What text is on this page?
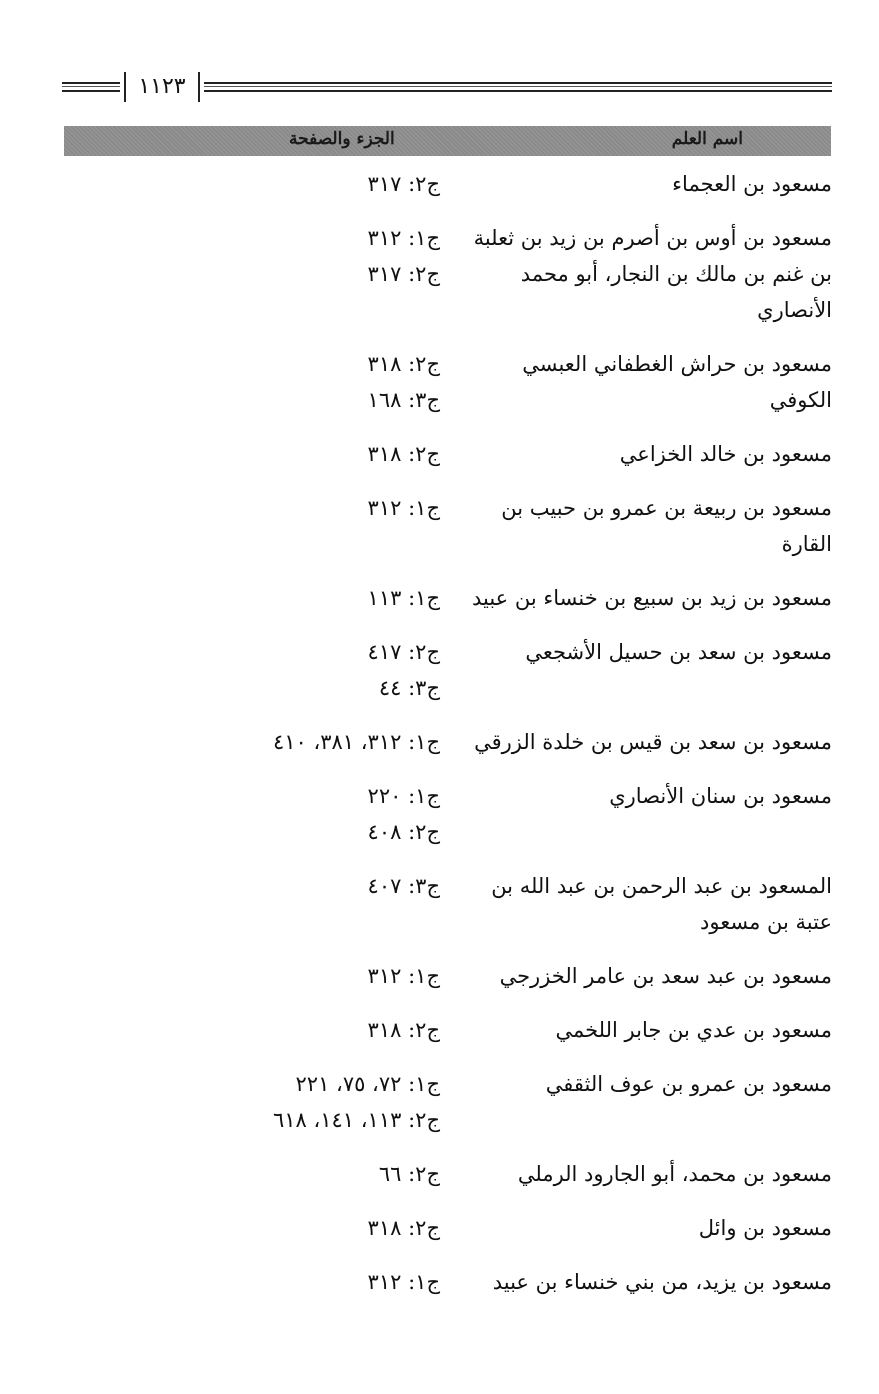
١١٢٣
اسم العلم
الجزء والصفحة
مسعود بن العجماء
ج٢: ٣١٧
مسعود بن أوس بن أصرم بن زيد بن ثعلبة بن غنم بن مالك بن النجار، أبو محمد الأنصاري
ج١: ٣١٢
ج٢: ٣١٧
مسعود بن حراش الغطفاني العبسي الكوفي
ج٢: ٣١٨
ج٣: ١٦٨
مسعود بن خالد الخزاعي
ج٢: ٣١٨
مسعود بن ربيعة بن عمرو بن حبيب بن القارة
ج١: ٣١٢
مسعود بن زيد بن سبيع بن خنساء بن عبيد
ج١: ١١٣
مسعود بن سعد بن حسيل الأشجعي
ج٢: ٤١٧
ج٣: ٤٤
مسعود بن سعد بن قيس بن خلدة الزرقي
ج١: ٣١٢، ٣٨١، ٤١٠
مسعود بن سنان الأنصاري
ج١: ٢٢٠
ج٢: ٤٠٨
المسعود بن عبد الرحمن بن عبد الله بن عتبة بن مسعود
ج٣: ٤٠٧
مسعود بن عبد سعد بن عامر الخزرجي
ج١: ٣١٢
مسعود بن عدي بن جابر اللخمي
ج٢: ٣١٨
مسعود بن عمرو بن عوف الثقفي
ج١: ٧٢، ٧٥، ٢٢١
ج٢: ١١٣، ١٤١، ٦١٨
مسعود بن محمد، أبو الجارود الرملي
ج٢: ٦٦
مسعود بن وائل
ج٢: ٣١٨
مسعود بن يزيد، من بني خنساء بن عبيد
ج١: ٣١٢
